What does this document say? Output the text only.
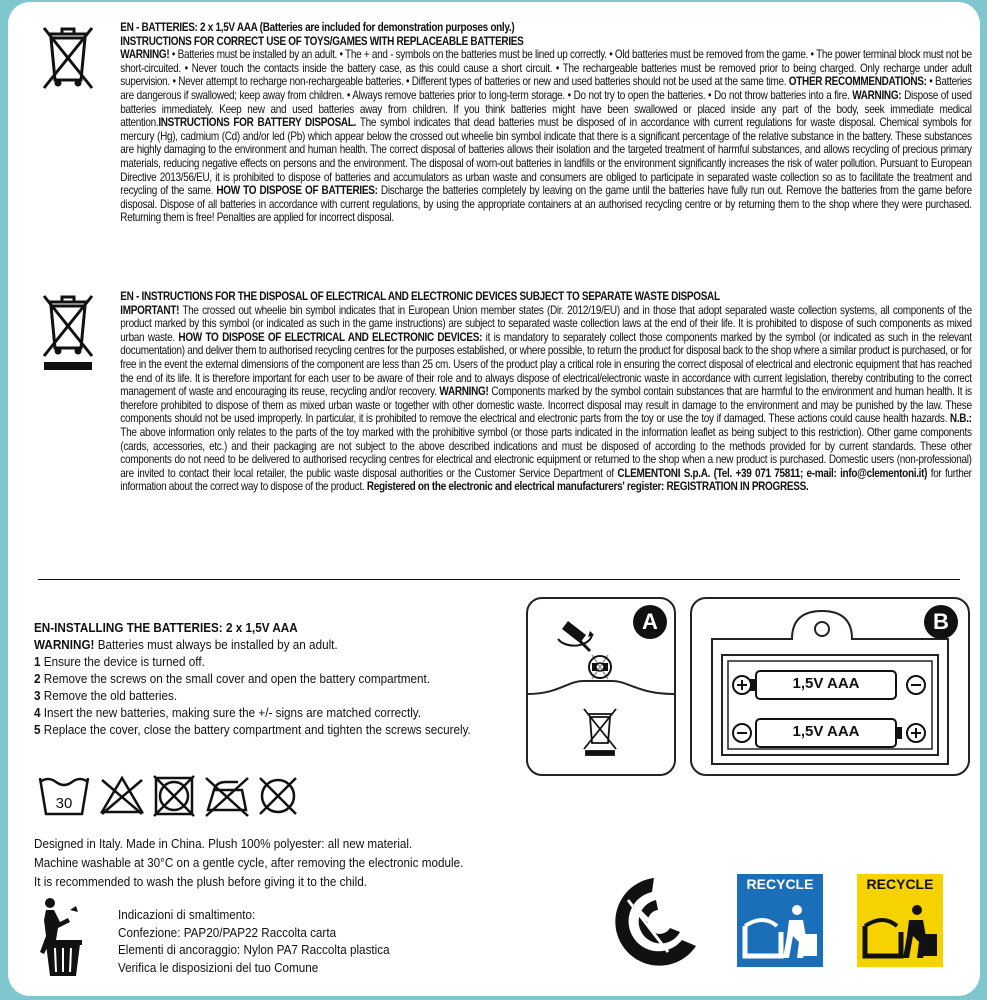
EN - BATTERIES: 2 x 1,5V AAA (Batteries are included for demonstration purposes only.)
INSTRUCTIONS FOR CORRECT USE OF TOYS/GAMES WITH REPLACEABLE BATTERIES
WARNING! • Batteries must be installed by an adult. • The + and - symbols on the batteries must be lined up correctly. • Old batteries must be removed from the game. • The power terminal block must not be short-circuited. • Never touch the contacts inside the battery case, as this could cause a short circuit. • The rechargeable batteries must be removed prior to being charged. Only recharge under adult supervision. • Never attempt to recharge non-rechargeable batteries. • Different types of batteries or new and used batteries should not be used at the same time. OTHER RECOMMENDATIONS: • Batteries are dangerous if swallowed; keep away from children. • Always remove batteries prior to long-term storage. • Do not try to open the batteries. • Do not throw batteries into a fire. WARNING: Dispose of used batteries immediately. Keep new and used batteries away from children. If you think batteries might have been swallowed or placed inside any part of the body, seek immediate medical attention.INSTRUCTIONS FOR BATTERY DISPOSAL. The symbol indicates that dead batteries must be disposed of in accordance with current regulations for waste disposal. Chemical symbols for mercury (Hg), cadmium (Cd) and/or led (Pb) which appear below the crossed out wheelie bin symbol indicate that there is a significant percentage of the relative substance in the battery. These substances are highly damaging to the environment and human health. The correct disposal of batteries allows their isolation and the targeted treatment of harmful substances, and allows recycling of precious primary materials, reducing negative effects on persons and the environment. The disposal of worn-out batteries in landfills or the environment significantly increases the risk of water pollution. Pursuant to European Directive 2013/56/EU, it is prohibited to dispose of batteries and accumulators as urban waste and consumers are obliged to participate in separated waste collection so as to facilitate the treatment and recycling of the same. HOW TO DISPOSE OF BATTERIES: Discharge the batteries completely by leaving on the game until the batteries have fully run out. Remove the batteries from the game before disposal. Dispose of all batteries in accordance with current regulations, by using the appropriate containers at an authorised recycling centre or by returning them to the shop where they were purchased. Returning them is free! Penalties are applied for incorrect disposal.
EN - INSTRUCTIONS FOR THE DISPOSAL OF ELECTRICAL AND ELECTRONIC DEVICES SUBJECT TO SEPARATE WASTE DISPOSAL
IMPORTANT! The crossed out wheelie bin symbol indicates that in European Union member states (Dir. 2012/19/EU) and in those that adopt separated waste collection systems, all components of the product marked by this symbol (or indicated as such in the game instructions) are subject to separated waste collection laws at the end of their life. It is prohibited to dispose of such components as mixed urban waste. HOW TO DISPOSE OF ELECTRICAL AND ELECTRONIC DEVICES: it is mandatory to separately collect those components marked by the symbol (or indicated as such in the relevant documentation) and deliver them to authorised recycling centres for the purposes established, or where possible, to return the product for disposal back to the shop where a similar product is purchased, or for free in the event the external dimensions of the component are less than 25 cm. Users of the product play a critical role in ensuring the correct disposal of electrical and electronic equipment that has reached the end of its life. It is therefore important for each user to be aware of their role and to always dispose of electrical/electronic waste in accordance with current legislation, thereby contributing to the correct management of waste and encouraging its reuse, recycling and/or recovery. WARNING! Components marked by the symbol contain substances that are harmful to the environment and human health. It is therefore prohibited to dispose of them as mixed urban waste or together with other domestic waste. Incorrect disposal may result in damage to the environment and may be punished by the law. These components should not be used improperly. In particular, it is prohibited to remove the electrical and electronic parts from the toy or use the toy if damaged. These actions could cause health hazards. N.B.: The above information only relates to the parts of the toy marked with the prohibitive symbol (or those parts indicated in the information leaflet as being subject to this restriction). Other game components (cards, accessories, etc.) and their packaging are not subject to the above described indications and must be disposed of according to the methods provided for by current standards. These other components do not need to be delivered to authorised recycling centres for electrical and electronic equipment or returned to the shop when a new product is purchased. Domestic users (non-professional) are invited to contact their local retailer, the public waste disposal authorities or the Customer Service Department of CLEMENTONI S.p.A. (Tel. +39 071 75811; e-mail: info@clementoni.it) for further information about the correct way to dispose of the product. Registered on the electronic and electrical manufacturers' register: REGISTRATION IN PROGRESS.
EN-INSTALLING THE BATTERIES: 2 x 1,5V AAA
WARNING! Batteries must always be installed by an adult.
1 Ensure the device is turned off.
2 Remove the screws on the small cover and open the battery compartment.
3 Remove the old batteries.
4 Insert the new batteries, making sure the +/- signs are matched correctly.
5 Replace the cover, close the battery compartment and tighten the screws securely.
A
1,5V AAA
1,5V AAA
B
30
Designed in Italy. Made in China. Plush 100% polyester: all new material.
Machine washable at 30°C on a gentle cycle, after removing the electronic module.
It is recommended to wash the plush before giving it to the child.
Indicazioni di smaltimento:
Confezione: PAP20/PAP22 Raccolta carta
Elementi di ancoraggio: Nylon PA7 Raccolta plastica
Verifica le disposizioni del tuo Comune
RECYCLE	RECYCLE
